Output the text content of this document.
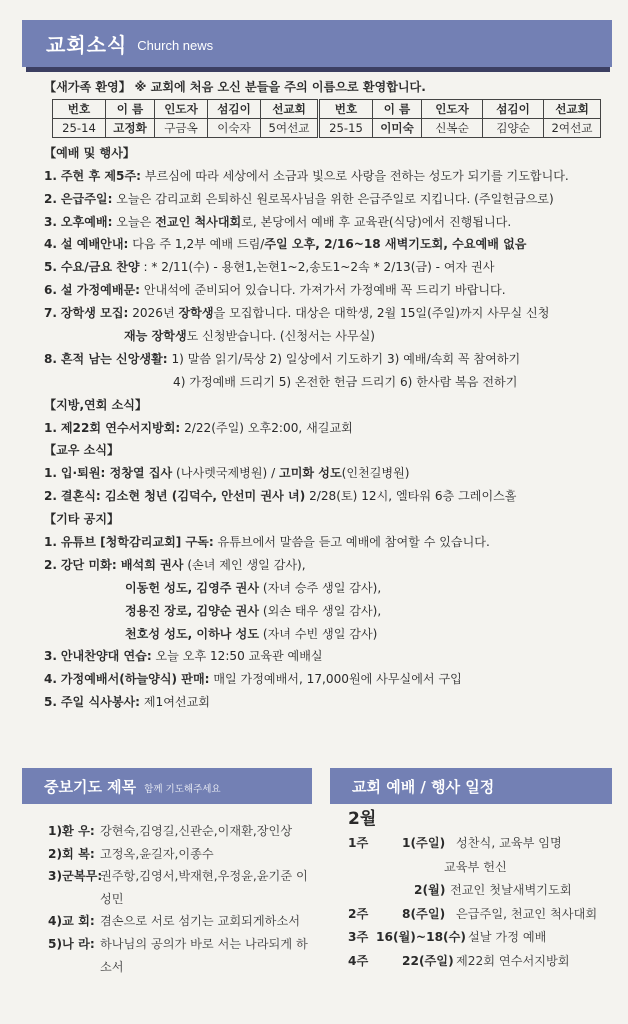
교회소식 Church news
【새가족 환영】 ※ 교회에 처음 오신 분들을 주의 이름으로 환영합니다.
번호	이 름	인도자	섬김이	선교회	번호	이 름	인도자	섬김이	선교회
25-14	고정화	구금옥	이숙자	5여선교	25-15	이미숙	신복순	김양순	2여선교
【예배 및 행사】
1. 주현 후 제5주: 부르심에 따라 세상에서 소금과 빛으로 사랑을 전하는 성도가 되기를 기도합니다.
2. 은급주일: 오늘은 감리교회 은퇴하신 원로목사님을 위한 은급주일로 지킵니다. (주일헌금으로)
3. 오후예배: 오늘은 전교인 척사대회로, 본당에서 예배 후 교육관(식당)에서 진행됩니다.
4. 설 예배안내: 다음 주 1,2부 예배 드림/주일 오후, 2/16~18 새벽기도회, 수요예배 없음
5. 수요/금요 찬양 : * 2/11(수) - 용현1,논현1~2,송도1~2속 * 2/13(금) - 여자 권사
6. 설 가정예배문: 안내석에 준비되어 있습니다. 가져가서 가정예배 꼭 드리기 바랍니다.
7. 장학생 모집: 2026년 장학생을 모집합니다. 대상은 대학생, 2월 15일(주일)까지 사무실 신청
재능 장학생도 신청받습니다. (신청서는 사무실)
8. 흔적 남는 신앙생활: 1) 말씀 읽기/묵상 2) 일상에서 기도하기 3) 예배/속회 꼭 참여하기
4) 가정예배 드리기 5) 온전한 헌금 드리기 6) 한사람 복음 전하기
【지방,연회 소식】
1. 제22회 연수서지방회: 2/22(주일) 오후2:00, 새길교회
【교우 소식】
1. 입·퇴원: 정창열 집사 (나사렛국제병원) / 고미화 성도(인천길병원)
2. 결혼식: 김소현 청년 (김덕수, 안선미 권사 녀) 2/28(토) 12시, 엘타워 6층 그레이스홀
【기타 공지】
1. 유튜브 [청학감리교회] 구독: 유튜브에서 말씀을 듣고 예배에 참여할 수 있습니다.
2. 강단 미화: 배석희 권사 (손녀 제인 생일 감사),
이동헌 성도, 김영주 권사 (자녀 승주 생일 감사),
정용진 장로, 김양순 권사 (외손 태우 생일 감사),
천호성 성도, 이하나 성도 (자녀 수빈 생일 감사)
3. 안내찬양대 연습: 오늘 오후 12:50 교육관 예배실
4. 가정예배서(하늘양식) 판매: 매일 가정예배서, 17,000원에 사무실에서 구입
5. 주일 식사봉사: 제1여선교회
중보기도 제목 함께 기도해주세요	교회 예배 / 행사 일정
1)환 우: 강현숙,김영길,신관순,이재환,장인상
2)회 복: 고정옥,윤길자,이종수
3)군복무:
권주항,김영서,박재현,우정윤,윤기준 이성민
4)교 회: 겸손으로 서로 섬기는 교회되게하소서
5)나 라: 하나님의 공의가 바로 서는 나라되게 하소서
2월
1주	1(주일) 성찬식, 교육부 임명
교육부 헌신
2(월) 전교인 첫날새벽기도회
2주	8(주일) 은급주일, 천교인 척사대회
3주 16(월)~18(수) 설날 가정 예배
4주	22(주일) 제22회 연수서지방회
